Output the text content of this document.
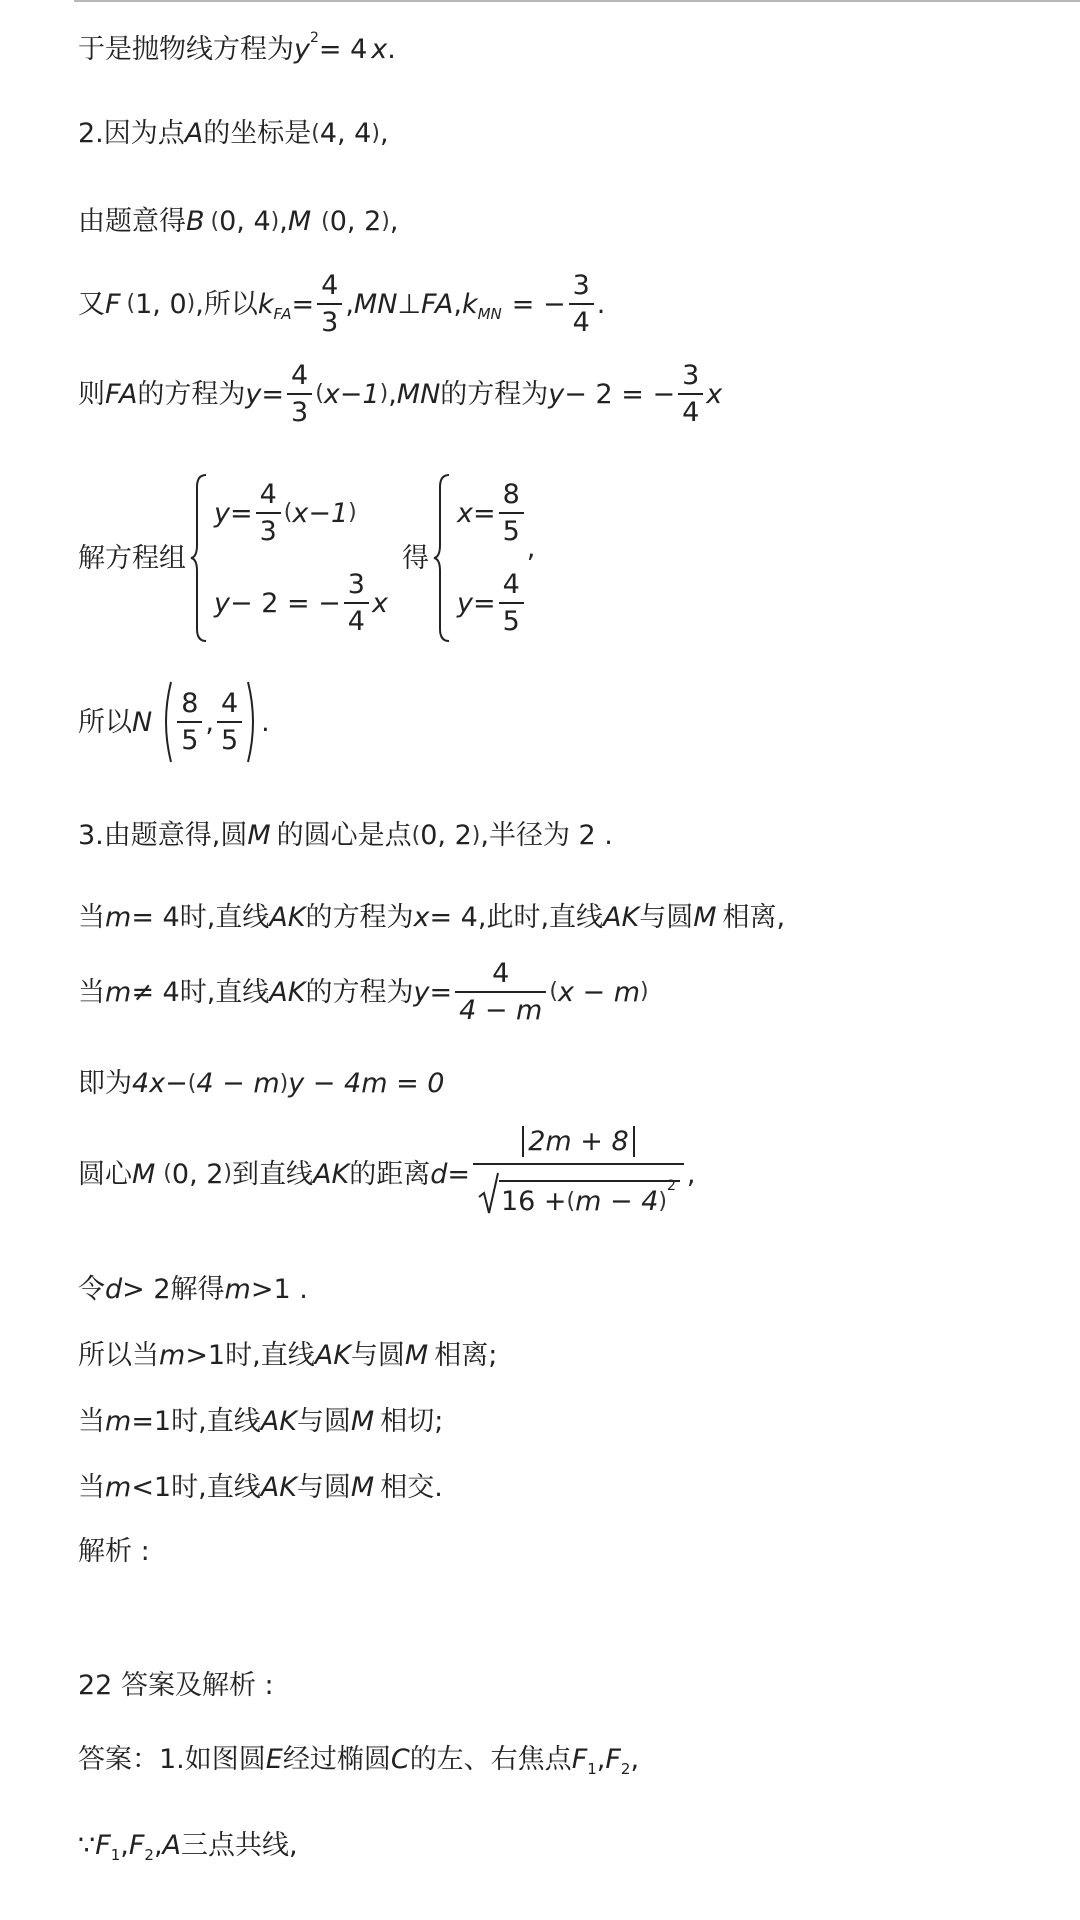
于是抛物线方程为 y 2 = 4 x .
2.因为点 A 的坐标是 ( 4, 4 ) ,
由题意得 B ( 0, 4 ) , M ( 0, 2 ) ,
又 F ( 1, 0 ) ,所以 k FA = $\frac{4}{3}$ , MN ⊥ FA , k MN = − $\frac{3}{4}$ .
则 FA 的方程为 $y = \frac{4}{3}$ ( x−1 ) , MN 的方程为 y − 2 = − $\frac{3}{4}$ x
解方程组
$y = \frac{4}{3}$ ( x−1 )
y − 2 = − $\frac{3}{4}$ x
得
$x = \frac{8}{5}$
$y = \frac{4}{5}$
,
所以 N $\frac{8}{5}$ , $\frac{4}{5}$ .
3.由题意得,圆 M 的圆心是点 ( 0, 2 ) ,半径为 2 .
当 m = 4 时,直线 AK 的方程为 x = 4 ,此时,直线 AK 与圆 M 相离,
当 m ≠ 4 时,直线 AK 的方程为 $y = \frac{4}{4 - m}$ ( x − m )
即为 4x− ( 4 − m ) y − 4m = 0
圆心 M ( 0, 2 ) 到直线 AK 的距离 d = 2m + 8
16 + ( m − 4 )
2 ,
令 d > 2 解得 m >1 .
所以当 m >1 时,直线 AK 与圆 M 相离;
当 m =1 时,直线 AK 与圆 M 相切;
当 m <1 时,直线 AK 与圆 M 相交.
解析 :
22 答案及解析 :
答案：1.如图圆 E 经过椭圆 C 的左、右焦点 F 1 , F 2 ,
∵ F 1 , F 2 , A 三点共线,
